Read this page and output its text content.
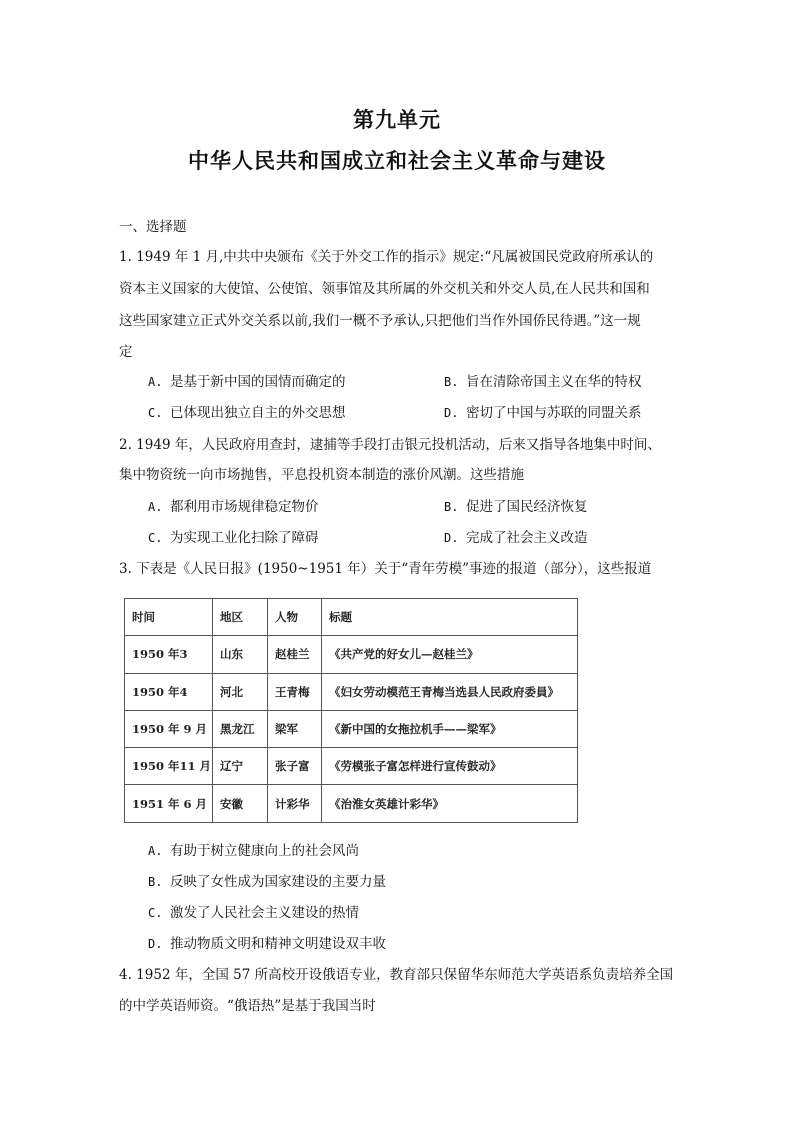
第九单元
中华人民共和国成立和社会主义革命与建设
一、选择题
1. 1949 年 1 月,中共中央颁布《关于外交工作的指示》规定:“凡属被国民党政府所承认的
资本主义国家的大使馆、公使馆、领事馆及其所属的外交机关和外交人员,在人民共和国和
这些国家建立正式外交关系以前,我们一概不予承认,只把他们当作外国侨民待遇。”这一规
定
A. 是基于新中国的国情而确定的	B. 旨在清除帝国主义在华的特权
C. 已体现出独立自主的外交思想	D. 密切了中国与苏联的同盟关系
2. 1949 年，人民政府用查封，逮捕等手段打击银元投机活动，后来又指导各地集中时间、
集中物资统一向市场抛售，平息投机资本制造的涨价风潮。这些措施
A. 都利用市场规律稳定物价	B. 促进了国民经济恢复
C. 为实现工业化扫除了障碍	D. 完成了社会主义改造
3. 下表是《人民日报》(1950~1951 年）关于“青年劳模”事迹的报道（部分），这些报道
时间	地区	人物	标题
1950 年3	山东	赵桂兰	《共产党的好女儿—赵桂兰》
1950 年4	河北	王青梅	《妇女劳动模范王青梅当选县人民政府委員》
1950 年 9 月	黑龙江	梁军	《新中国的女拖拉机手——梁军》
1950 年11 月	辽宁	张子富	《劳模张子富怎样进行宣传鼓动》
1951 年 6 月	安徽	计彩华	《治淮女英雄计彩华》
A. 有助于树立健康向上的社会风尚
B. 反映了女性成为国家建设的主要力量
C. 激发了人民社会主义建设的热情
D. 推动物质文明和精神文明建设双丰收
4. 1952 年，全国 57 所高校开设俄语专业，教育部只保留华东师范大学英语系负责培养全国
的中学英语师资。“俄语热”是基于我国当时
